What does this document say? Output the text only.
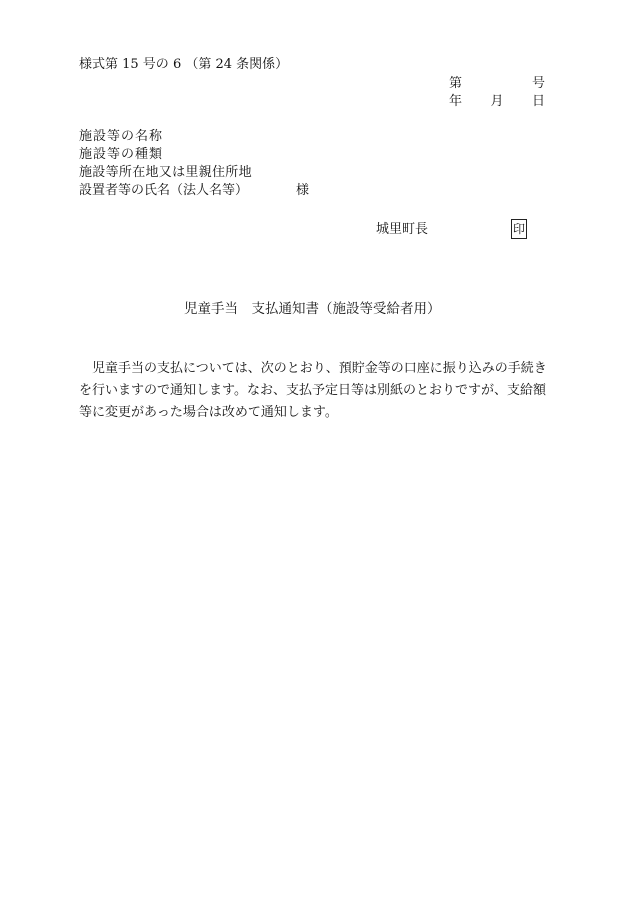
様式第 15 号の 6 （第 24 条関係）
第	号
年 月 日
施設等の名称
施設等の種類
施設等所在地又は里親住所地
設置者等の氏名（法人名等）	様
城里町長	印
児童手当　支払通知書（施設等受給者用）
児童手当の支払については、次のとおり、預貯金等の口座に振り込みの手続きを行いますので通知します。なお、支払予定日等は別紙のとおりですが、支給額等に変更があった場合は改めて通知します。
